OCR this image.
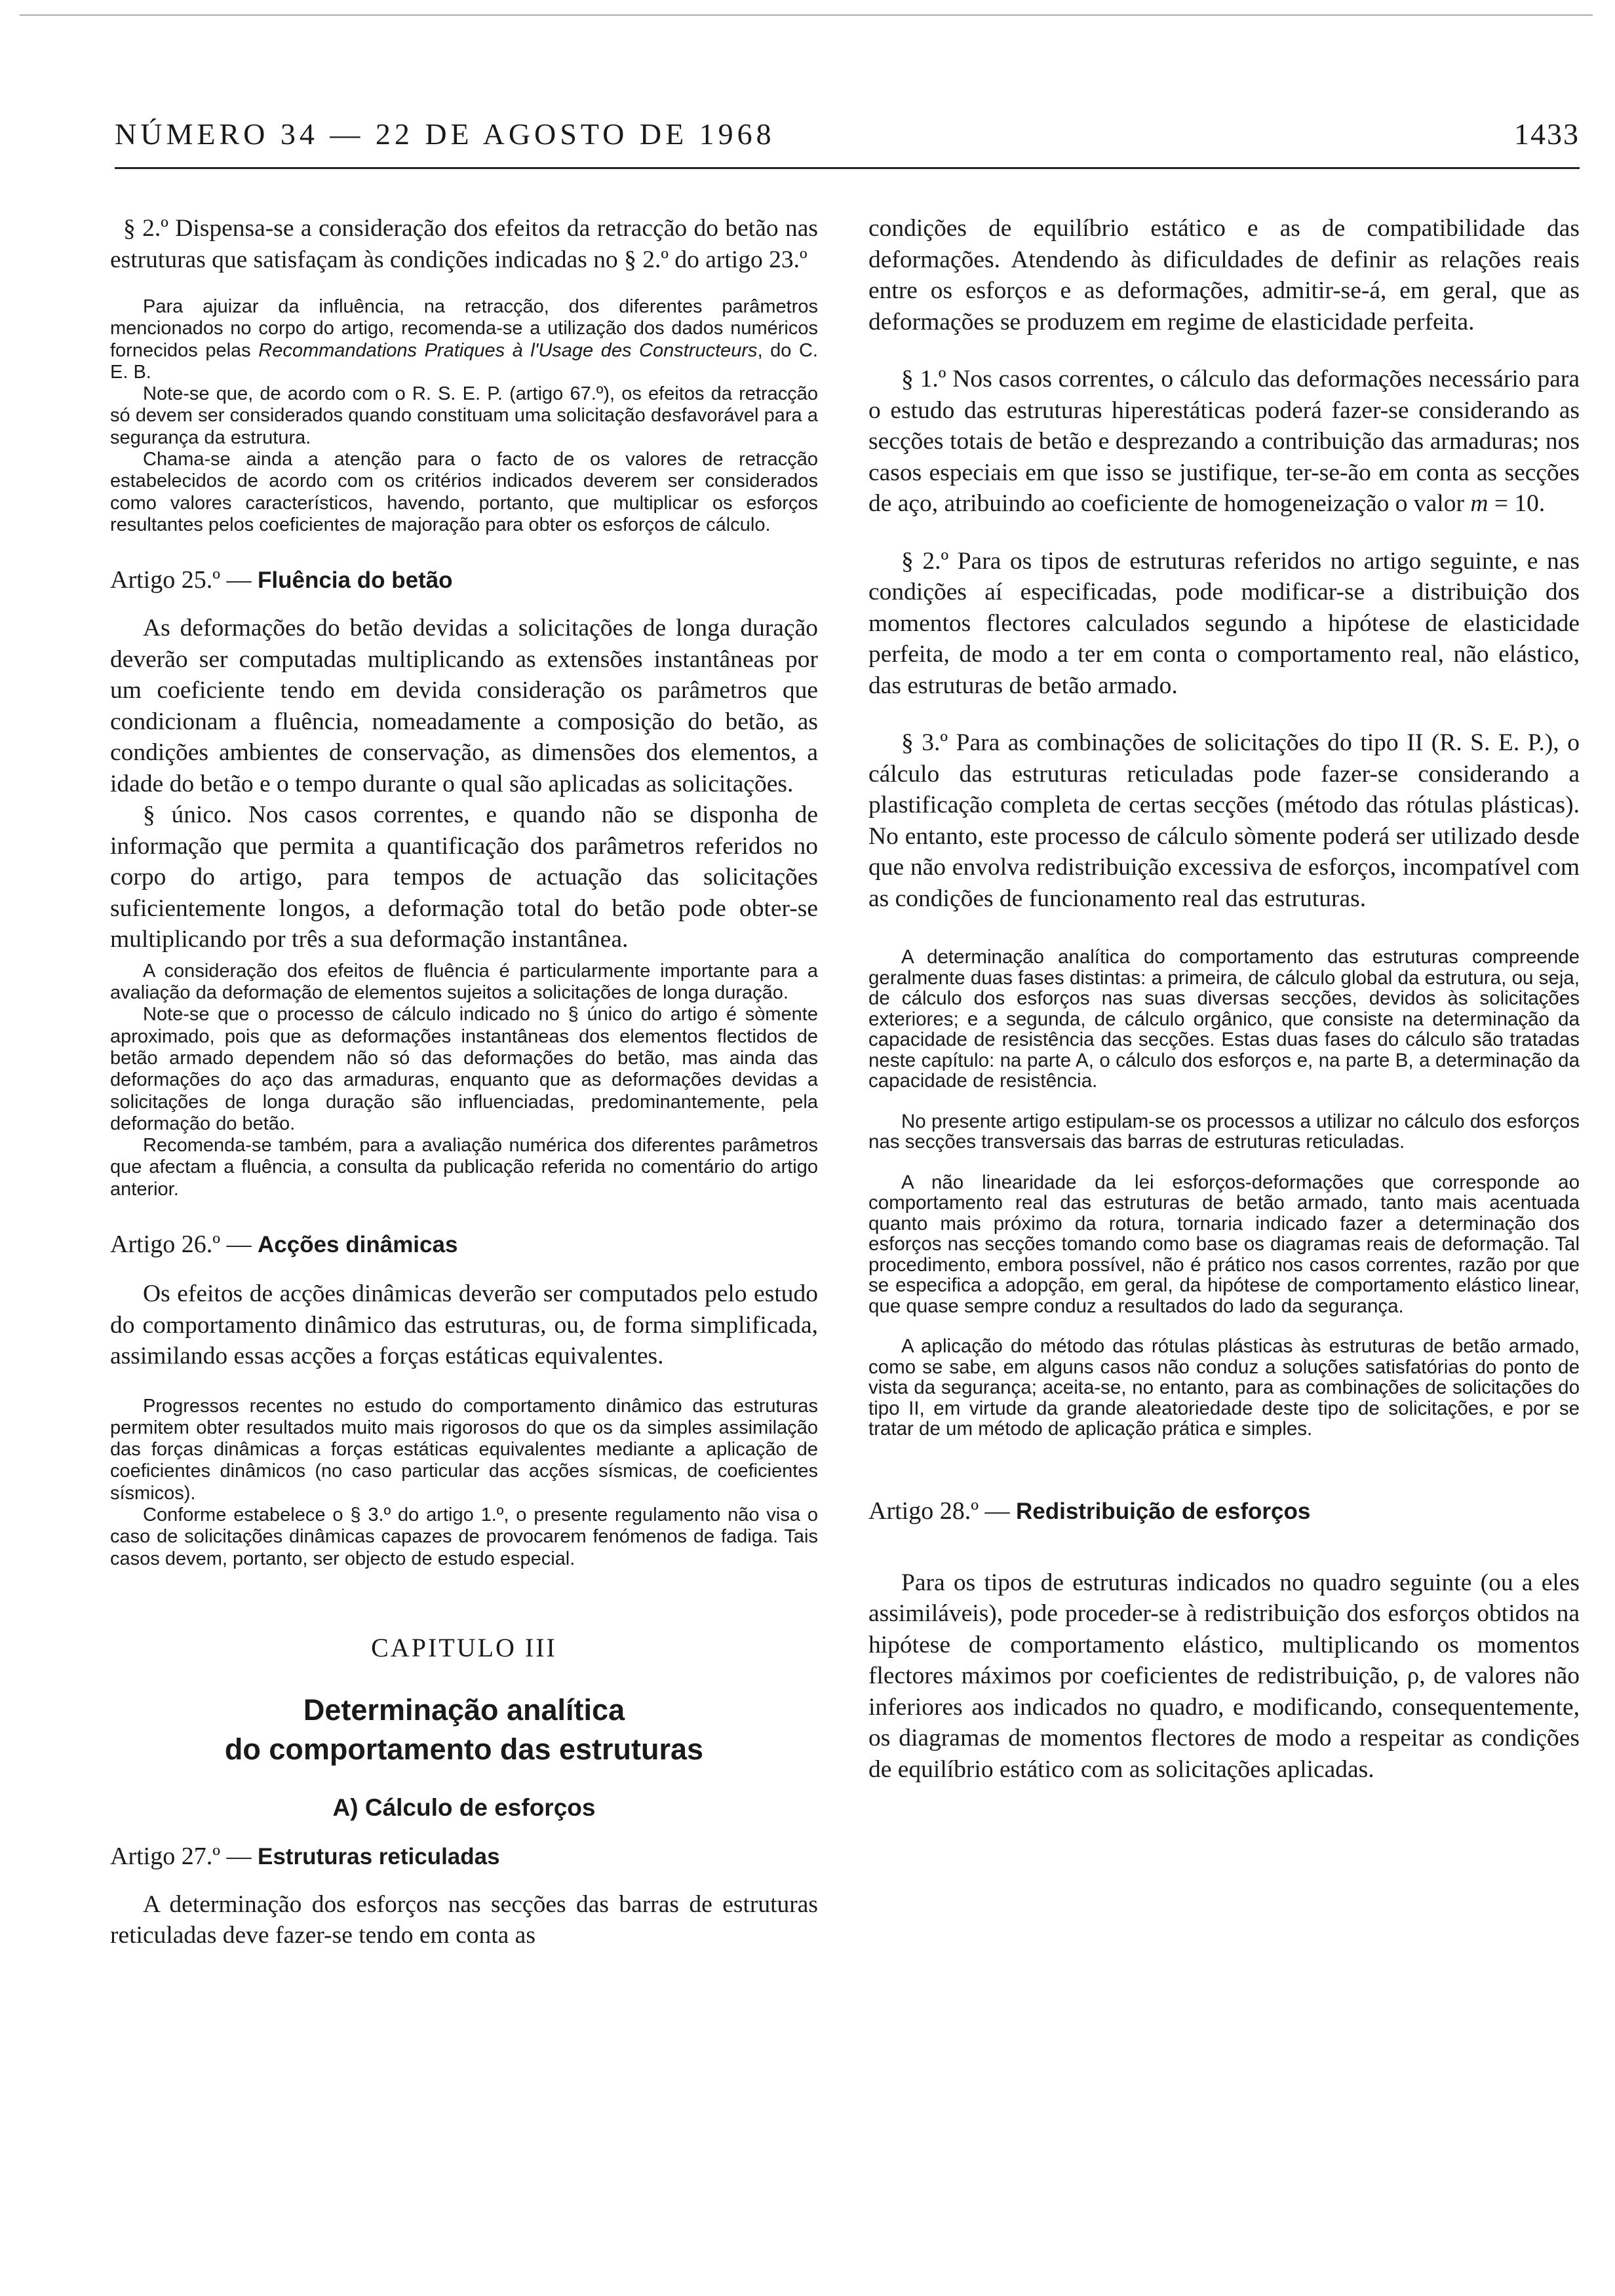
NÚMERO 34 — 22 DE AGOSTO DE 1968	1433

§ 2.º Dispensa-se a consideração dos efeitos da retracção do betão nas estruturas que satisfaçam às condições indicadas no § 2.º do artigo 23.º

Para ajuizar da influência, na retracção, dos diferentes parâmetros mencionados no corpo do artigo, recomenda-se a utilização dos dados numéricos fornecidos pelas Recommandations Pratiques à l'Usage des Constructeurs, do C. E. B.

Note-se que, de acordo com o R. S. E. P. (artigo 67.º), os efeitos da retracção só devem ser considerados quando constituam uma solicitação desfavorável para a segurança da estrutura.

Chama-se ainda a atenção para o facto de os valores de retracção estabelecidos de acordo com os critérios indicados deverem ser considerados como valores característicos, havendo, portanto, que multiplicar os esforços resultantes pelos coeficientes de majoração para obter os esforços de cálculo.

Artigo 25.º — Fluência do betão

As deformações do betão devidas a solicitações de longa duração deverão ser computadas multiplicando as extensões instantâneas por um coeficiente tendo em devida consideração os parâmetros que condicionam a fluência, nomeadamente a composição do betão, as condições ambientes de conservação, as dimensões dos elementos, a idade do betão e o tempo durante o qual são aplicadas as solicitações.

§ único. Nos casos correntes, e quando não se disponha de informação que permita a quantificação dos parâmetros referidos no corpo do artigo, para tempos de actuação das solicitações suficientemente longos, a deformação total do betão pode obter-se multiplicando por três a sua deformação instantânea.

A consideração dos efeitos de fluência é particularmente importante para a avaliação da deformação de elementos sujeitos a solicitações de longa duração.

Note-se que o processo de cálculo indicado no § único do artigo é sòmente aproximado, pois que as deformações instantâneas dos elementos flectidos de betão armado dependem não só das deformações do betão, mas ainda das deformações do aço das armaduras, enquanto que as deformações devidas a solicitações de longa duração são influenciadas, predominantemente, pela deformação do betão.

Recomenda-se também, para a avaliação numérica dos diferentes parâmetros que afectam a fluência, a consulta da publicação referida no comentário do artigo anterior.

Artigo 26.º — Acções dinâmicas

Os efeitos de acções dinâmicas deverão ser computados pelo estudo do comportamento dinâmico das estruturas, ou, de forma simplificada, assimilando essas acções a forças estáticas equivalentes.

Progressos recentes no estudo do comportamento dinâmico das estruturas permitem obter resultados muito mais rigorosos do que os da simples assimilação das forças dinâmicas a forças estáticas equivalentes mediante a aplicação de coeficientes dinâmicos (no caso particular das acções sísmicas, de coeficientes sísmicos).

Conforme estabelece o § 3.º do artigo 1.º, o presente regulamento não visa o caso de solicitações dinâmicas capazes de provocarem fenómenos de fadiga. Tais casos devem, portanto, ser objecto de estudo especial.

CAPITULO III

Determinação analítica

do comportamento das estruturas

A) Cálculo de esforços

Artigo 27.º — Estruturas reticuladas

A determinação dos esforços nas secções das barras de estruturas reticuladas deve fazer-se tendo em conta as

condições de equilíbrio estático e as de compatibilidade das deformações. Atendendo às dificuldades de definir as relações reais entre os esforços e as deformações, admitir-se-á, em geral, que as deformações se produzem em regime de elasticidade perfeita.

§ 1.º Nos casos correntes, o cálculo das deformações necessário para o estudo das estruturas hiperestáticas poderá fazer-se considerando as secções totais de betão e desprezando a contribuição das armaduras; nos casos especiais em que isso se justifique, ter-se-ão em conta as secções de aço, atribuindo ao coeficiente de homogeneização o valor m = 10.

§ 2.º Para os tipos de estruturas referidos no artigo seguinte, e nas condições aí especificadas, pode modificar-se a distribuição dos momentos flectores calculados segundo a hipótese de elasticidade perfeita, de modo a ter em conta o comportamento real, não elástico, das estruturas de betão armado.

§ 3.º Para as combinações de solicitações do tipo II (R. S. E. P.), o cálculo das estruturas reticuladas pode fazer-se considerando a plastificação completa de certas secções (método das rótulas plásticas). No entanto, este processo de cálculo sòmente poderá ser utilizado desde que não envolva redistribuição excessiva de esforços, incompatível com as condições de funcionamento real das estruturas.

A determinação analítica do comportamento das estruturas compreende geralmente duas fases distintas: a primeira, de cálculo global da estrutura, ou seja, de cálculo dos esforços nas suas diversas secções, devidos às solicitações exteriores; e a segunda, de cálculo orgânico, que consiste na determinação da capacidade de resistência das secções. Estas duas fases do cálculo são tratadas neste capítulo: na parte A, o cálculo dos esforços e, na parte B, a determinação da capacidade de resistência.

No presente artigo estipulam-se os processos a utilizar no cálculo dos esforços nas secções transversais das barras de estruturas reticuladas.

A não linearidade da lei esforços-deformações que corresponde ao comportamento real das estruturas de betão armado, tanto mais acentuada quanto mais próximo da rotura, tornaria indicado fazer a determinação dos esforços nas secções tomando como base os diagramas reais de deformação. Tal procedimento, embora possível, não é prático nos casos correntes, razão por que se especifica a adopção, em geral, da hipótese de comportamento elástico linear, que quase sempre conduz a resultados do lado da segurança.

A aplicação do método das rótulas plásticas às estruturas de betão armado, como se sabe, em alguns casos não conduz a soluções satisfatórias do ponto de vista da segurança; aceita-se, no entanto, para as combinações de solicitações do tipo II, em virtude da grande aleatoriedade deste tipo de solicitações, e por se tratar de um método de aplicação prática e simples.

Artigo 28.º — Redistribuição de esforços

Para os tipos de estruturas indicados no quadro seguinte (ou a eles assimiláveis), pode proceder-se à redistribuição dos esforços obtidos na hipótese de comportamento elástico, multiplicando os momentos flectores máximos por coeficientes de redistribuição, ρ, de valores não inferiores aos indicados no quadro, e modificando, consequentemente, os diagramas de momentos flectores de modo a respeitar as condições de equilíbrio estático com as solicitações aplicadas.
